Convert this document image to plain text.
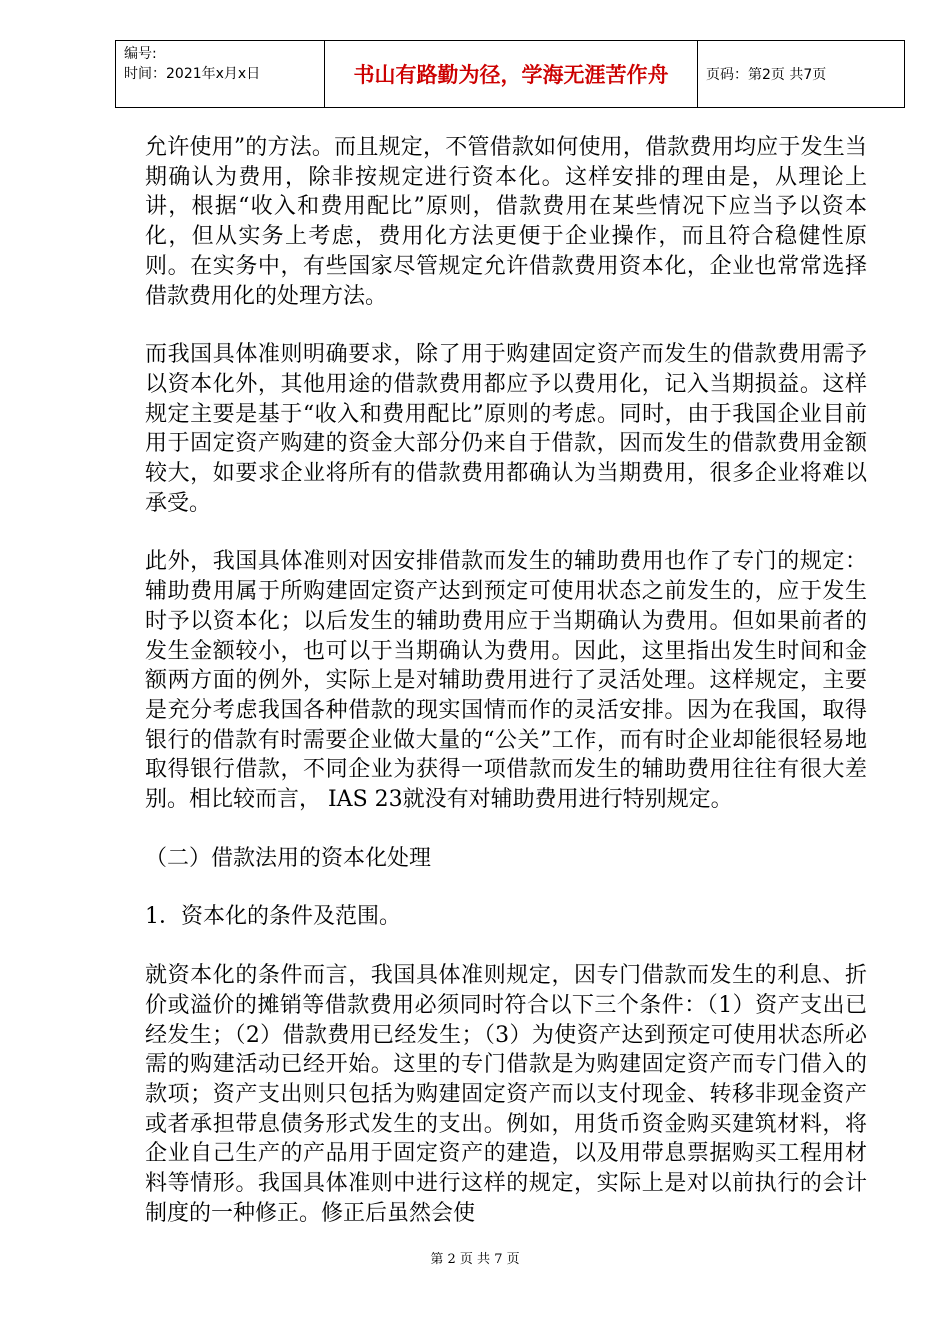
编号:
时间：2021年x月x日	书山有路勤为径，学海无涯苦作舟	页码：第2页 共7页

允许使用”的方法。而且规定，不管借款如何使用，借款费用均应于发生当期确认为费用，除非按规定进行资本化。这样安排的理由是，从理论上讲，根据“收入和费用配比”原则，借款费用在某些情况下应当予以资本化，但从实务上考虑，费用化方法更便于企业操作，而且符合稳健性原则。在实务中，有些国家尽管规定允许借款费用资本化，企业也常常选择借款费用化的处理方法。

而我国具体准则明确要求，除了用于购建固定资产而发生的借款费用需予以资本化外，其他用途的借款费用都应予以费用化，记入当期损益。这样规定主要是基于“收入和费用配比”原则的考虑。同时，由于我国企业目前用于固定资产购建的资金大部分仍来自于借款，因而发生的借款费用金额较大，如要求企业将所有的借款费用都确认为当期费用，很多企业将难以承受。

此外，我国具体准则对因安排借款而发生的辅助费用也作了专门的规定：辅助费用属于所购建固定资产达到预定可使用状态之前发生的，应于发生时予以资本化；以后发生的辅助费用应于当期确认为费用。但如果前者的发生金额较小，也可以于当期确认为费用。因此，这里指出发生时间和金额两方面的例外，实际上是对辅助费用进行了灵活处理。这样规定，主要是充分考虑我国各种借款的现实国情而作的灵活安排。因为在我国，取得银行的借款有时需要企业做大量的“公关”工作，而有时企业却能很轻易地取得银行借款，不同企业为获得一项借款而发生的辅助费用往往有很大差别。相比较而言， IAS 23就没有对辅助费用进行特别规定。

（二）借款法用的资本化处理

1．资本化的条件及范围。

就资本化的条件而言，我国具体准则规定，因专门借款而发生的利息、折价或溢价的摊销等借款费用必须同时符合以下三个条件：（1）资产支出已经发生；（2）借款费用已经发生；（3）为使资产达到预定可使用状态所必需的购建活动已经开始。这里的专门借款是为购建固定资产而专门借入的款项；资产支出则只包括为购建固定资产而以支付现金、转移非现金资产或者承担带息债务形式发生的支出。例如，用货币资金购买建筑材料，将企业自己生产的产品用于固定资产的建造，以及用带息票据购买工程用材料等情形。我国具体准则中进行这样的规定，实际上是对以前执行的会计制度的一种修正。修正后虽然会使

第 2 页 共 7 页
